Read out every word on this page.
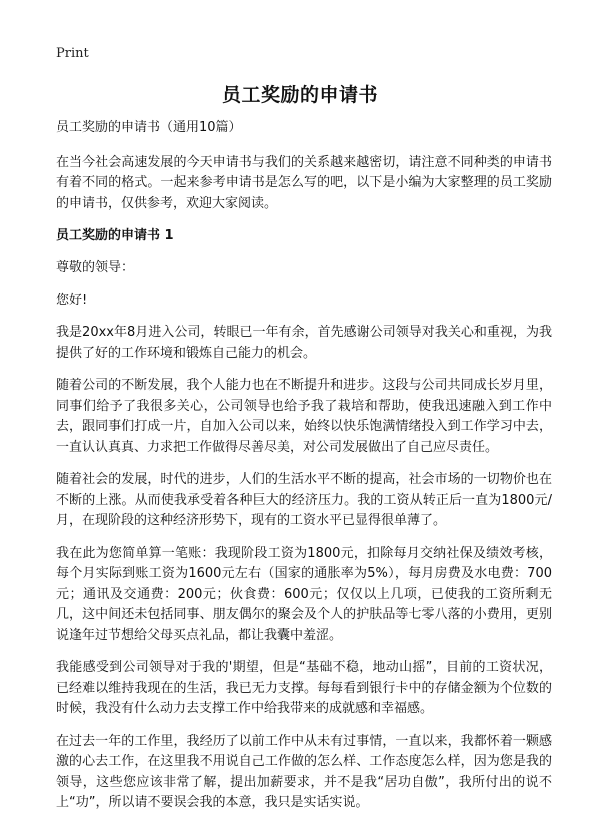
Print
员工奖励的申请书

员工奖励的申请书（通用10篇）

在当今社会高速发展的今天申请书与我们的关系越来越密切，请注意不同种类的申请书有着不同的格式。一起来参考申请书是怎么写的吧，以下是小编为大家整理的员工奖励的申请书，仅供参考，欢迎大家阅读。

员工奖励的申请书 1

尊敬的领导：

您好!

我是20xx年8月进入公司，转眼已一年有余，首先感谢公司领导对我关心和重视，为我提供了好的工作环境和锻炼自己能力的机会。

随着公司的不断发展，我个人能力也在不断提升和进步。这段与公司共同成长岁月里，同事们给予了我很多关心，公司领导也给予我了栽培和帮助，使我迅速融入到工作中去，跟同事们打成一片，自加入公司以来，始终以快乐饱满情绪投入到工作学习中去，一直认认真真、力求把工作做得尽善尽美，对公司发展做出了自己应尽责任。

随着社会的发展，时代的进步，人们的生活水平不断的提高，社会市场的一切物价也在不断的上涨。从而使我承受着各种巨大的经济压力。我的工资从转正后一直为1800元/月，在现阶段的这种经济形势下，现有的工资水平已显得很单薄了。

我在此为您简单算一笔账：我现阶段工资为1800元，扣除每月交纳社保及绩效考核，每个月实际到账工资为1600元左右（国家的通胀率为5%），每月房费及水电费：700元；通讯及交通费：200元；伙食费：600元；仅仅以上几项，已使我的工资所剩无几，这中间还未包括同事、朋友偶尔的聚会及个人的护肤品等七零八落的小费用，更别说逢年过节想给父母买点礼品，都让我囊中羞涩。

我能感受到公司领导对于我的'期望，但是“基础不稳，地动山摇”，目前的工资状况，已经难以维持我现在的生活，我已无力支撑。每每看到银行卡中的存储金额为个位数的时候，我没有什么动力去支撑工作中给我带来的成就感和幸福感。

在过去一年的工作里，我经历了以前工作中从未有过事情，一直以来，我都怀着一颗感激的心去工作，在这里我不用说自己工作做的怎么样、工作态度怎么样，因为您是我的领导，这些您应该非常了解，提出加薪要求，并不是我“居功自傲”，我所付出的说不上“功”，所以请不要误会我的本意，我只是实话实说。
